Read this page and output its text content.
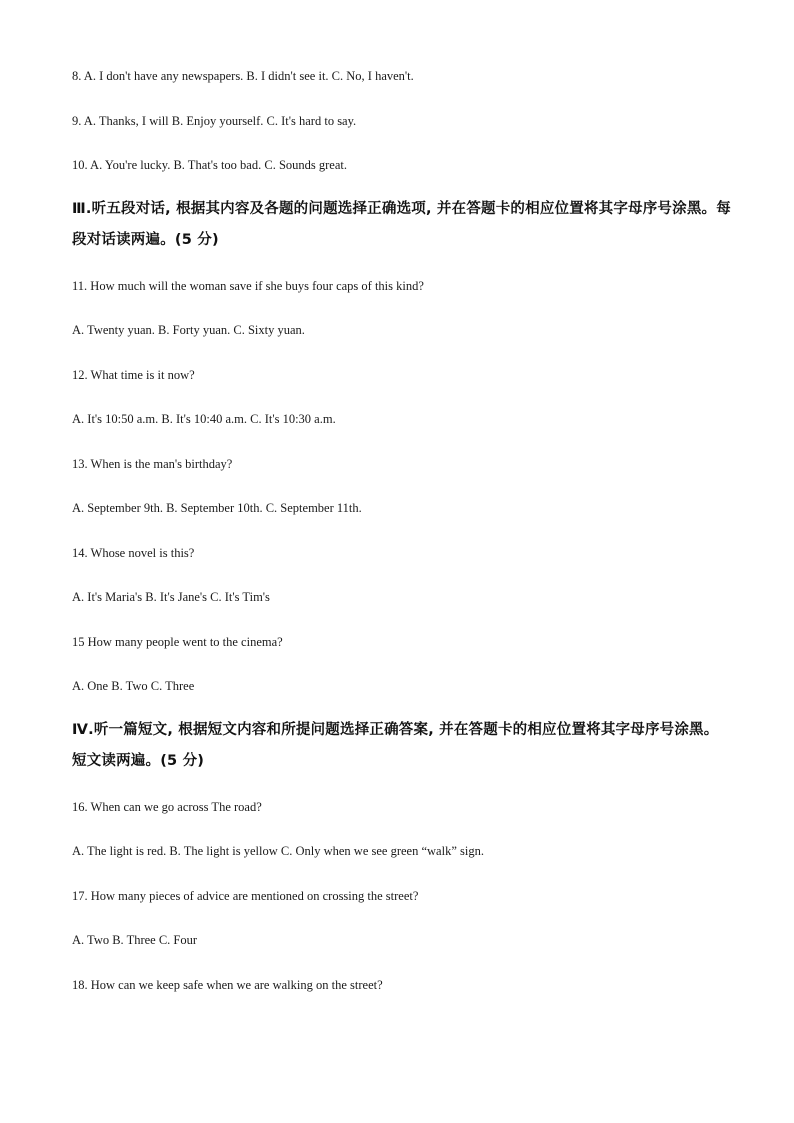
8. A. I don't have any newspapers. B. I didn't see it. C. No, I haven't.
9. A. Thanks, I will B. Enjoy yourself. C. It's hard to say.
10. A. You're lucky. B. That's too bad. C. Sounds great.
Ⅲ.听五段对话, 根据其内容及各题的问题选择正确选项, 并在答题卡的相应位置将其字母序号涂黑。每段对话读两遍。(5 分)
11. How much will the woman save if she buys four caps of this kind?
A. Twenty yuan. B. Forty yuan. C. Sixty yuan.
12. What time is it now?
A. It's 10:50 a.m. B. It's 10:40 a.m. C. It's 10:30 a.m.
13. When is the man's birthday?
A. September 9th. B. September 10th. C. September 11th.
14. Whose novel is this?
A. It's Maria's B. It's Jane's C. It's Tim's
15 How many people went to the cinema?
A. One B. Two C. Three
Ⅳ.听一篇短文, 根据短文内容和所提问题选择正确答案, 并在答题卡的相应位置将其字母序号涂黑。短文读两遍。(5 分)
16. When can we go across The road?
A. The light is red. B. The light is yellow C. Only when we see green “walk” sign.
17. How many pieces of advice are mentioned on crossing the street?
A. Two B. Three C. Four
18. How can we keep safe when we are walking on the street?
